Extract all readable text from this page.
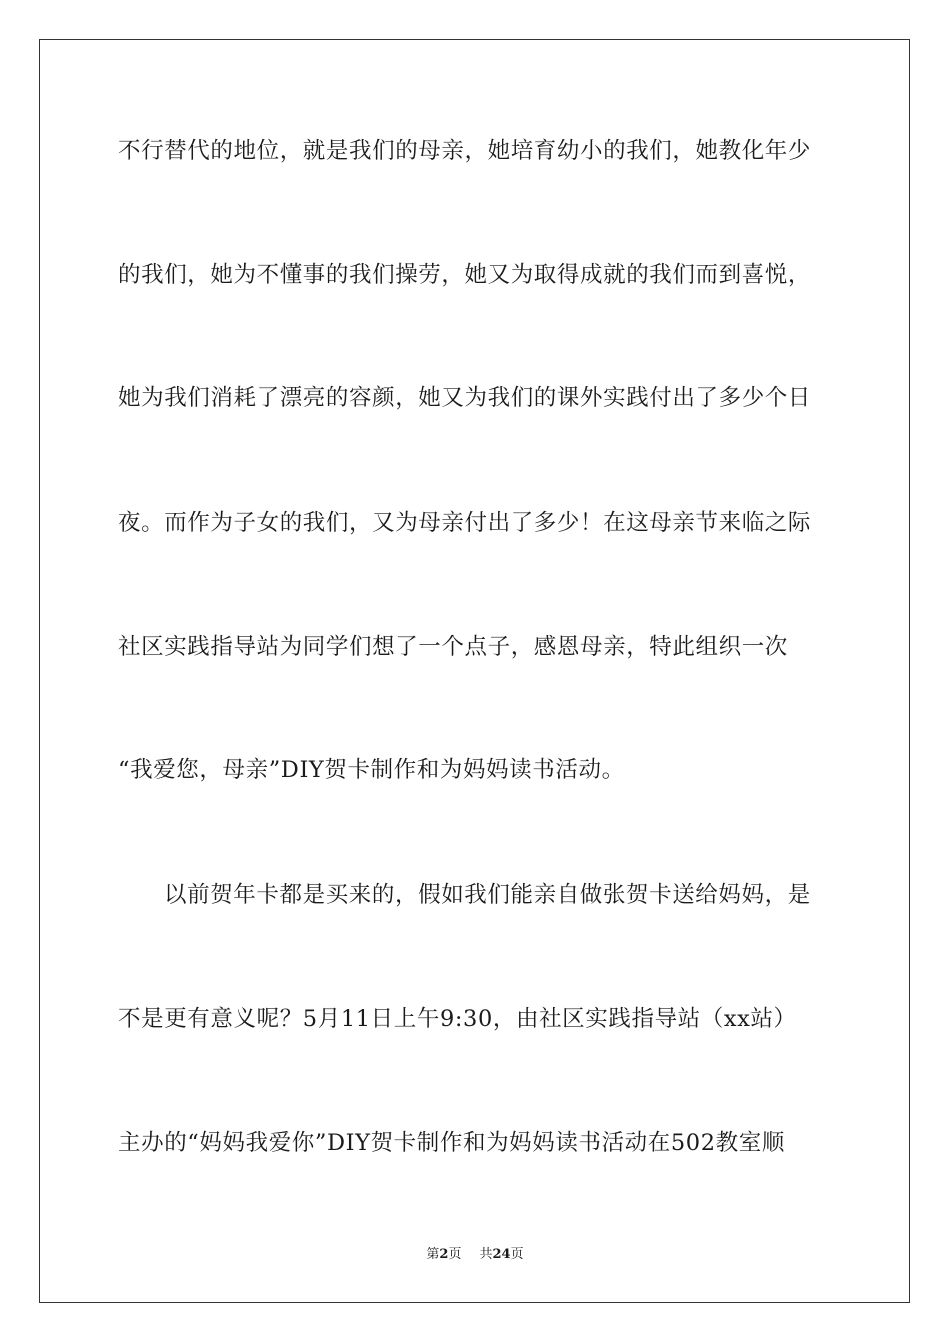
不行替代的地位，就是我们的母亲，她培育幼小的我们，她教化年少
的我们，她为不懂事的我们操劳，她又为取得成就的我们而到喜悦，
她为我们消耗了漂亮的容颜，她又为我们的课外实践付出了多少个日
夜。而作为子女的我们，又为母亲付出了多少！在这母亲节来临之际
社区实践指导站为同学们想了一个点子，感恩母亲，特此组织一次
“我爱您，母亲”DIY贺卡制作和为妈妈读书活动。
以前贺年卡都是买来的，假如我们能亲自做张贺卡送给妈妈，是
不是更有意义呢？5月11日上午9:30，由社区实践指导站（xx站）
主办的“妈妈我爱你”DIY贺卡制作和为妈妈读书活动在502教室顺
第2页 共24页
